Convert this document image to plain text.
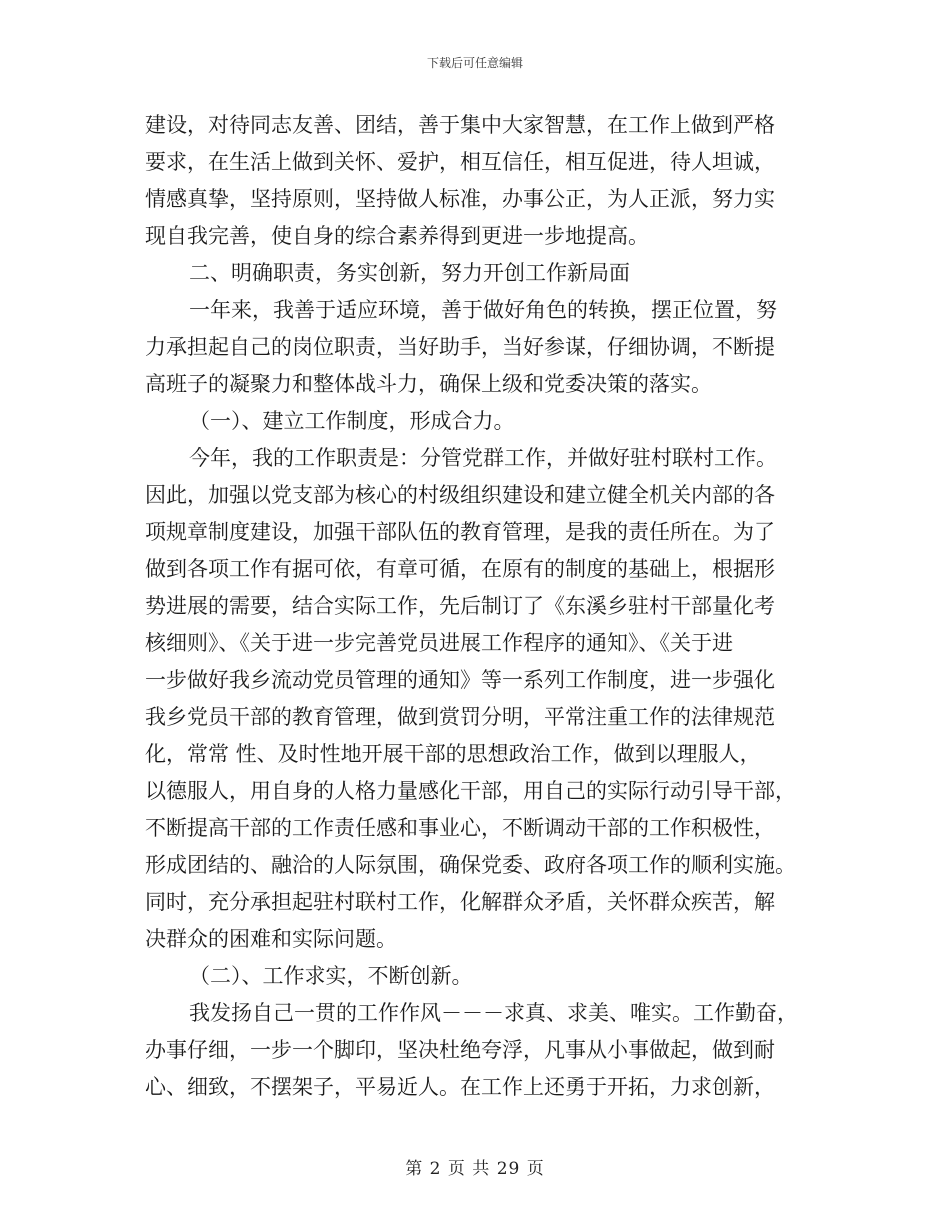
下载后可任意编辑
建设，对待同志友善、团结，善于集中大家智慧，在工作上做到严格
要求，在生活上做到关怀、爱护，相互信任，相互促进，待人坦诚，
情感真挚，坚持原则，坚持做人标准，办事公正，为人正派，努力实
现自我完善，使自身的综合素养得到更进一步地提高。
二、明确职责，务实创新，努力开创工作新局面
一年来，我善于适应环境，善于做好角色的转换，摆正位置，努
力承担起自己的岗位职责，当好助手，当好参谋，仔细协调，不断提
高班子的凝聚力和整体战斗力，确保上级和党委决策的落实。
（一）、建立工作制度，形成合力。
今年，我的工作职责是：分管党群工作，并做好驻村联村工作。
因此，加强以党支部为核心的村级组织建设和建立健全机关内部的各
项规章制度建设，加强干部队伍的教育管理，是我的责任所在。为了
做到各项工作有据可依，有章可循，在原有的制度的基础上，根据形
势进展的需要，结合实际工作，先后制订了《东溪乡驻村干部量化考
核细则》、《关于进一步完善党员进展工作程序的通知》、《关于进
一步做好我乡流动党员管理的通知》等一系列工作制度，进一步强化
我乡党员干部的教育管理，做到赏罚分明，平常注重工作的法律规范
化，常常 性、及时性地开展干部的思想政治工作，做到以理服人，
以德服人，用自身的人格力量感化干部，用自己的实际行动引导干部，
不断提高干部的工作责任感和事业心，不断调动干部的工作积极性，
形成团结的、融洽的人际氛围，确保党委、政府各项工作的顺利实施。
同时，充分承担起驻村联村工作，化解群众矛盾，关怀群众疾苦，解
决群众的困难和实际问题。
（二）、工作求实，不断创新。
我发扬自己一贯的工作作风－－－求真、求美、唯实。工作勤奋，
办事仔细，一步一个脚印，坚决杜绝夸浮，凡事从小事做起，做到耐
心、细致，不摆架子，平易近人。在工作上还勇于开拓，力求创新，
第 2 页 共 29 页
